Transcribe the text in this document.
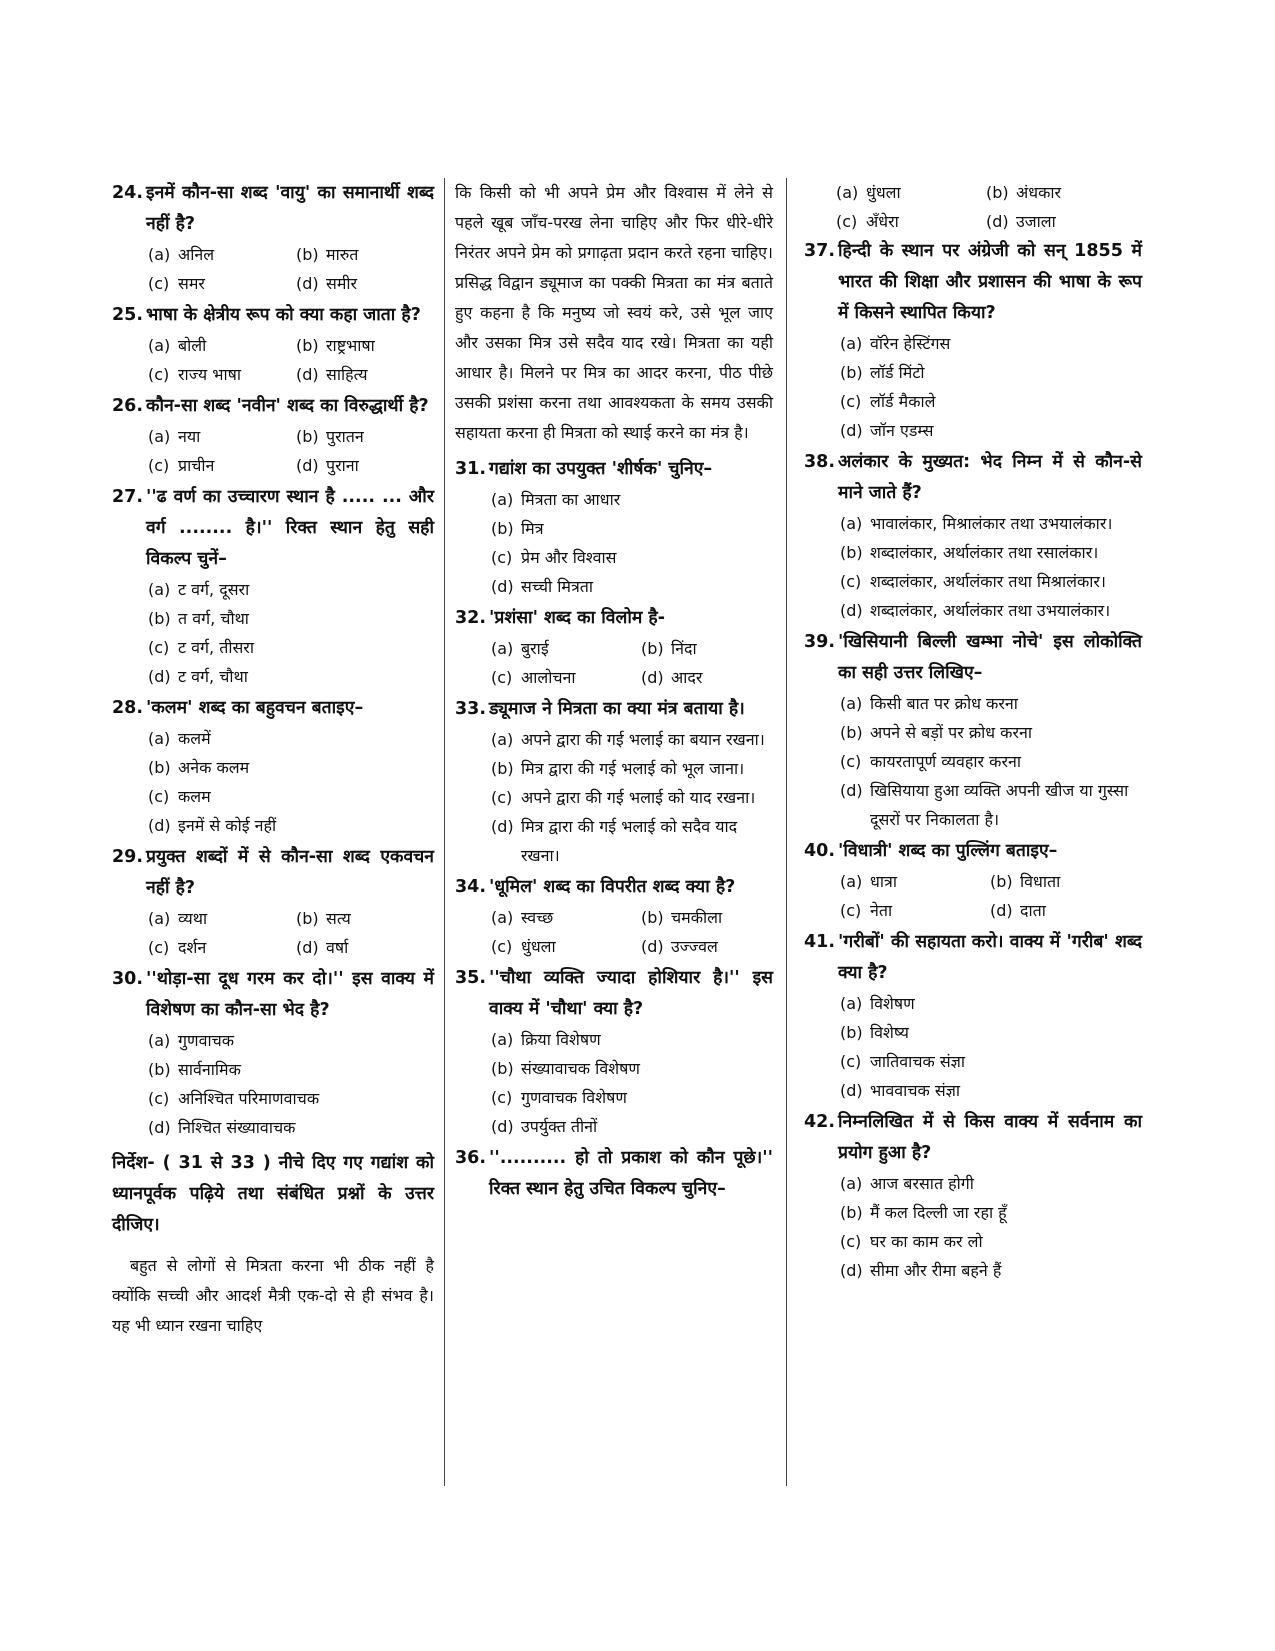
24. इनमें कौन-सा शब्द 'वायु' का समानार्थी शब्द नहीं है?
(a) अनिल	(b) मारुत
(c) समर	(d) समीर
25. भाषा के क्षेत्रीय रूप को क्या कहा जाता है?
(a) बोली	(b) राष्ट्रभाषा
(c) राज्य भाषा	(d) साहित्य
26. कौन-सा शब्द 'नवीन' शब्द का विरुद्धार्थी है?
(a) नया	(b) पुरातन
(c) प्राचीन	(d) पुराना
27. ''ढ वर्ण का उच्चारण स्थान है ..... ... और वर्ग ........ है।'' रिक्त स्थान हेतु सही विकल्प चुनें–
(a) ट वर्ग, दूसरा
(b) त वर्ग, चौथा
(c) ट वर्ग, तीसरा
(d) ट वर्ग, चौथा
28. 'कलम' शब्द का बहुवचन बताइए–
(a) कलमें
(b) अनेक कलम
(c) कलम
(d) इनमें से कोई नहीं
29. प्रयुक्त शब्दों में से कौन-सा शब्द एकवचन नहीं है?
(a) व्यथा	(b) सत्य
(c) दर्शन	(d) वर्षा
30. ''थोड़ा-सा दूध गरम कर दो।'' इस वाक्य में विशेषण का कौन-सा भेद है?
(a) गुणवाचक
(b) सार्वनामिक
(c) अनिश्चित परिमाणवाचक
(d) निश्चित संख्यावाचक
निर्देश- ( 31 से 33 ) नीचे दिए गए गद्यांश को ध्यानपूर्वक पढ़िये तथा संबंधित प्रश्नों के उत्तर दीजिए।
बहुत से लोगों से मित्रता करना भी ठीक नहीं है क्योंकि सच्ची और आदर्श मैत्री एक-दो से ही संभव है। यह भी ध्यान रखना चाहिए
कि किसी को भी अपने प्रेम और विश्वास में लेने से पहले खूब जाँच-परख लेना चाहिए और फिर धीरे-धीरे निरंतर अपने प्रेम को प्रगाढ़ता प्रदान करते रहना चाहिए। प्रसिद्ध विद्वान ड्यूमाज का पक्की मित्रता का मंत्र बताते हुए कहना है कि मनुष्य जो स्वयं करे, उसे भूल जाए और उसका मित्र उसे सदैव याद रखे। मित्रता का यही आधार है। मिलने पर मित्र का आदर करना, पीठ पीछे उसकी प्रशंसा करना तथा आवश्यकता के समय उसकी सहायता करना ही मित्रता को स्थाई करने का मंत्र है।
31. गद्यांश का उपयुक्त 'शीर्षक' चुनिए–
(a) मित्रता का आधार
(b) मित्र
(c) प्रेम और विश्वास
(d) सच्ची मित्रता
32. 'प्रशंसा' शब्द का विलोम है-
(a) बुराई	(b) निंदा
(c) आलोचना	(d) आदर
33. ड्यूमाज ने मित्रता का क्या मंत्र बताया है।
(a) अपने द्वारा की गई भलाई का बयान रखना।
(b) मित्र द्वारा की गई भलाई को भूल जाना।
(c) अपने द्वारा की गई भलाई को याद रखना।
(d) मित्र द्वारा की गई भलाई को सदैव याद रखना।
34. 'धूमिल' शब्द का विपरीत शब्द क्या है?
(a) स्वच्छ	(b) चमकीला
(c) धुंधला	(d) उज्ज्वल
35. ''चौथा व्यक्ति ज्यादा होशियार है।'' इस वाक्य में 'चौथा' क्या है?
(a) क्रिया विशेषण
(b) संख्यावाचक विशेषण
(c) गुणवाचक विशेषण
(d) उपर्युक्त तीनों
36. ''.......... हो तो प्रकाश को कौन पूछे।'' रिक्त स्थान हेतु उचित विकल्प चुनिए–
(a) धुंधला	(b) अंधकार
(c) अँधेरा	(d) उजाला
37. हिन्दी के स्थान पर अंग्रेजी को सन् 1855 में भारत की शिक्षा और प्रशासन की भाषा के रूप में किसने स्थापित किया?
(a) वॉरेन हेस्टिंगस
(b) लॉर्ड मिंटो
(c) लॉर्ड मैकाले
(d) जॉन एडम्स
38. अलंकार के मुख्यत: भेद निम्न में से कौन-से माने जाते हैं?
(a) भावालंकार, मिश्रालंकार तथा उभयालंकार।
(b) शब्दालंकार, अर्थालंकार तथा रसालंकार।
(c) शब्दालंकार, अर्थालंकार तथा मिश्रालंकार।
(d) शब्दालंकार, अर्थालंकार तथा उभयालंकार।
39. 'खिसियानी बिल्ली खम्भा नोचे' इस लोकोक्ति का सही उत्तर लिखिए–
(a) किसी बात पर क्रोध करना
(b) अपने से बड़ों पर क्रोध करना
(c) कायरतापूर्ण व्यवहार करना
(d) खिसियाया हुआ व्यक्ति अपनी खीज या गुस्सा दूसरों पर निकालता है।
40. 'विधात्री' शब्द का पुल्लिंग बताइए–
(a) धात्रा	(b) विधाता
(c) नेता	(d) दाता
41. 'गरीबों' की सहायता करो। वाक्य में 'गरीब' शब्द क्या है?
(a) विशेषण
(b) विशेष्य
(c) जातिवाचक संज्ञा
(d) भाववाचक संज्ञा
42. निम्नलिखित में से किस वाक्य में सर्वनाम का प्रयोग हुआ है?
(a) आज बरसात होगी
(b) मैं कल दिल्ली जा रहा हूँ
(c) घर का काम कर लो
(d) सीमा और रीमा बहने हैं
